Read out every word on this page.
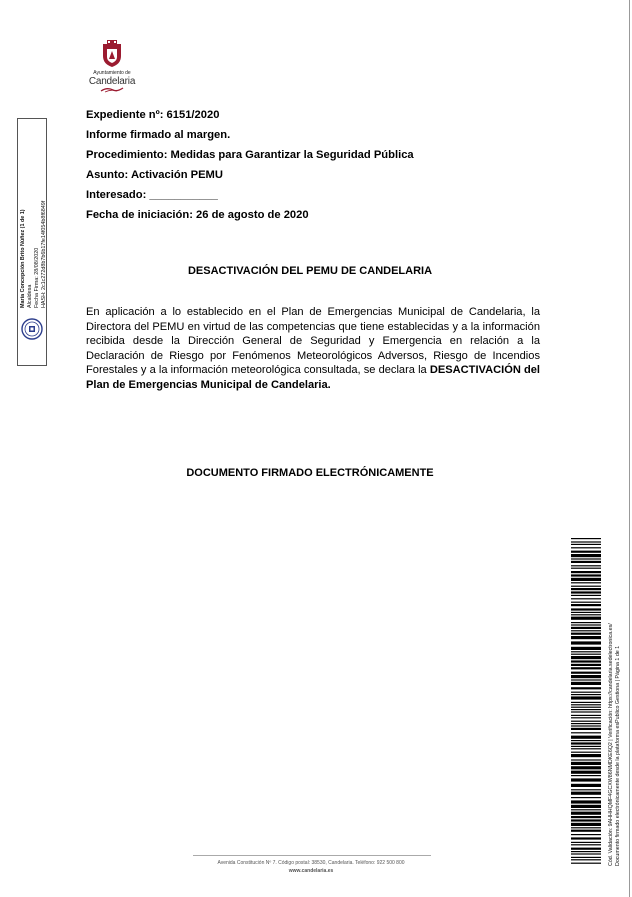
Ayuntamiento de
Candelaria
Expediente nº: 6151/2020
Informe firmado al margen.
Procedimiento: Medidas para Garantizar la Seguridad Pública
Asunto: Activación PEMU
Interesado: ___________
Fecha de iniciación: 26 de agosto de 2020
DESACTIVACIÓN DEL PEMU DE CANDELARIA
En aplicación a lo establecido en el Plan de Emergencias Municipal de Candelaria, la Directora del PEMU en virtud de las competencias que tiene establecidas y a la información recibida desde la Dirección General de Seguridad y Emergencia en relación a la Declaración de Riesgo por Fenómenos Meteorológicos Adversos, Riesgo de Incendios Forestales y a la información meteorológica consultada, se declara la DESACTIVACIÓN del Plan de Emergencias Municipal de Candelaria.
DOCUMENTO FIRMADO ELECTRÓNICAMENTE
María Concepción Brito Núñez (1 de 1) Alcaldesa Fecha Firma: 28/08/2020 HASH: 2c1c272d8b7b6b17fe14f054b8f6849f
Cód. Validación: 9AHHHQMF4GCXW86NMDKE6Q2 | Verificación: https://candelaria.sedelectronica.es/ Documento firmado electrónicamente desde la plataforma esPublico Gestiona | Página 1 de 1
Avenida Constitución Nº 7. Código postal: 38530, Candelaria. Teléfono: 922 500 800
www.candelaria.es
